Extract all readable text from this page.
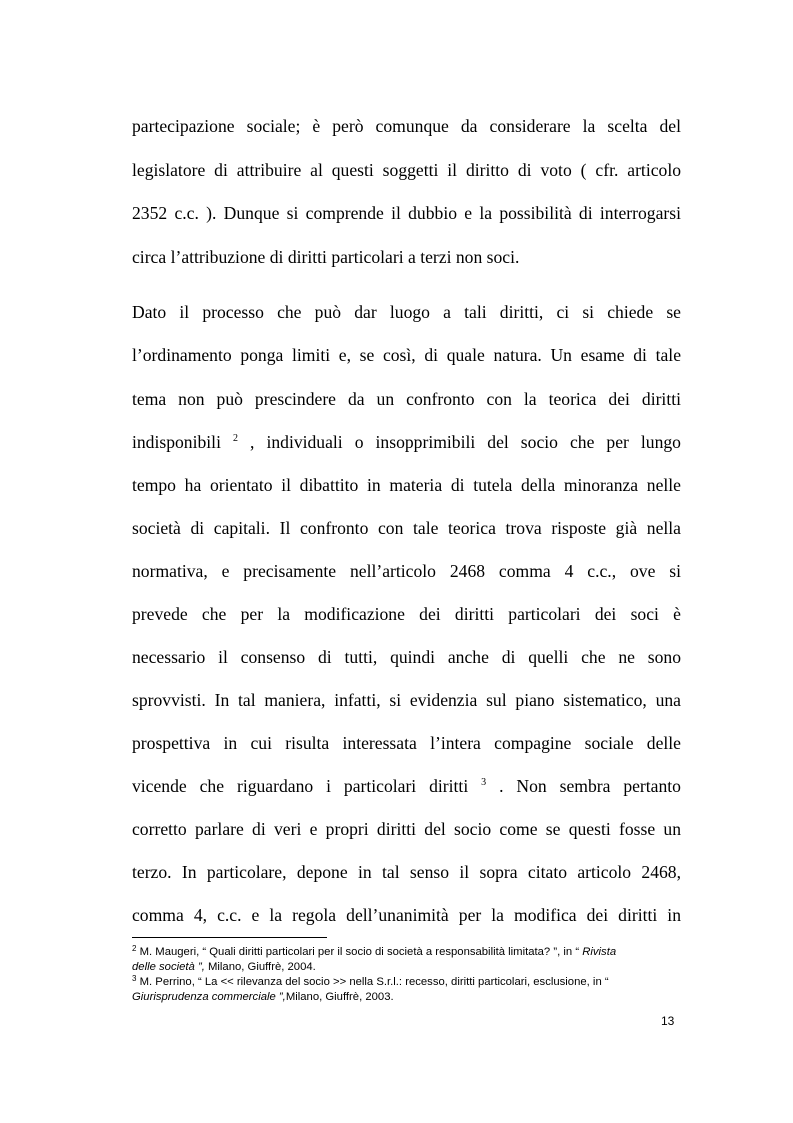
partecipazione sociale; è però comunque da considerare la scelta del
legislatore di attribuire al questi soggetti il diritto di voto ( cfr. articolo
2352 c.c. ). Dunque si comprende il dubbio e la possibilità di interrogarsi
circa l’attribuzione di diritti particolari a terzi non soci.
Dato il processo che può dar luogo a tali diritti, ci si chiede se
l’ordinamento ponga limiti e, se così, di quale natura. Un esame di tale
tema non può prescindere da un confronto con la teorica dei diritti
indisponibili $^2$ , individuali o insopprimibili del socio che per lungo
tempo ha orientato il dibattito in materia di tutela della minoranza nelle
società di capitali. Il confronto con tale teorica trova risposte già nella
normativa, e precisamente nell’articolo 2468 comma 4 c.c., ove si
prevede che per la modificazione dei diritti particolari dei soci è
necessario il consenso di tutti, quindi anche di quelli che ne sono
sprovvisti. In tal maniera, infatti, si evidenzia sul piano sistematico, una
prospettiva in cui risulta interessata l’intera compagine sociale delle
vicende che riguardano i particolari diritti $^3$ . Non sembra pertanto
corretto parlare di veri e propri diritti del socio come se questi fosse un
terzo. In particolare, depone in tal senso il sopra citato articolo 2468,
comma 4, c.c. e la regola dell’unanimità per la modifica dei diritti in
$^2$ M. Maugeri, “ Quali diritti particolari per il socio di società a responsabilità limitata? ”, in “ Rivista
delle società ”, Milano, Giuffrè, 2004.
$^3$ M. Perrino, “ La << rilevanza del socio >> nella S.r.l.: recesso, diritti particolari, esclusione, in “
Giurisprudenza commerciale ”,Milano, Giuffrè, 2003.
13
